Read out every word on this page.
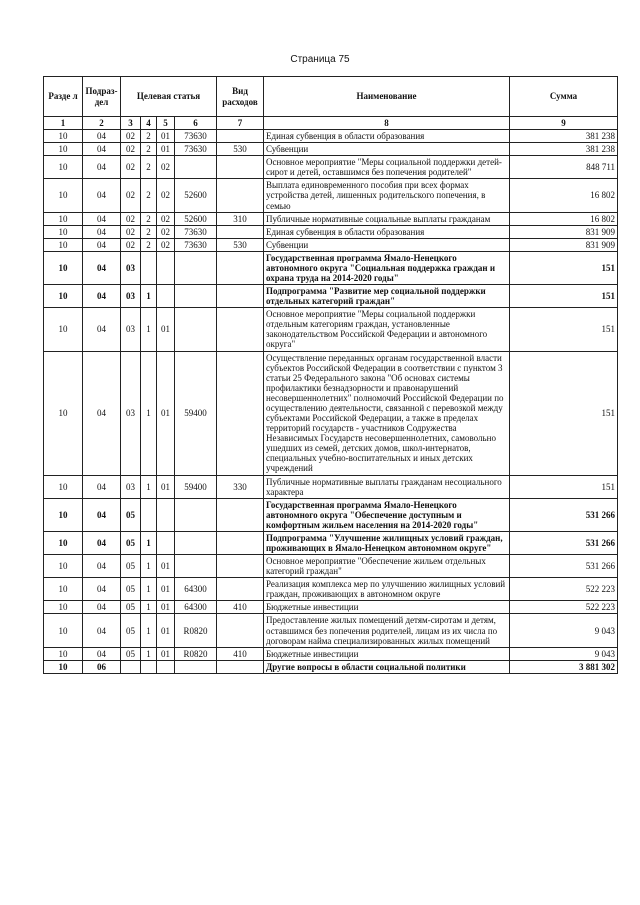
Страница 75
Разде л	Подраз-дел	Целевая статья				Вид расходов	Наименование	Сумма
1	2	3	4	5	6	7	8	9
10	04	02	2	01	73630		Единая субвенция в области образования	381 238
10	04	02	2	01	73630	530	Субвенции	381 238
10	04	02	2	02			Основное мероприятие "Меры социальной поддержки детей-сирот и детей, оставшимся без попечения родителей"	848 711
10	04	02	2	02	52600		Выплата единовременного пособия при всех формах устройства детей, лишенных родительского попечения, в семью	16 802
10	04	02	2	02	52600	310	Публичные нормативные социальные выплаты гражданам	16 802
10	04	02	2	02	73630		Единая субвенция в области образования	831 909
10	04	02	2	02	73630	530	Субвенции	831 909
10	04	03					Государственная программа Ямало-Ненецкого автономного округа "Социальная поддержка граждан и охрана труда на 2014-2020 годы"	151
10	04	03	1				Подпрограмма "Развитие мер социальной поддержки отдельных категорий граждан"	151
10	04	03	1	01			Основное мероприятие "Меры социальной поддержки отдельным категориям граждан, установленные законодательством Российской Федерации и автономного округа"	151
10	04	03	1	01	59400		Осуществление переданных органам государственной власти субъектов Российской Федерации в соответствии с пунктом 3 статьи 25 Федерального закона "Об основах системы профилактики безнадзорности и правонарушений несовершеннолетних" полномочий Российской Федерации по осуществлению деятельности, связанной с перевозкой между субъектами Российской Федерации, а также в пределах территорий государств - участников Содружества Независимых Государств несовершеннолетних, самовольно ушедших из семей, детских домов, школ-интернатов, специальных учебно-воспитательных и иных детских учреждений	151
10	04	03	1	01	59400	330	Публичные нормативные выплаты гражданам несоциального характера	151
10	04	05					Государственная программа Ямало-Ненецкого автономного округа "Обеспечение доступным и комфортным жильем населения на 2014-2020 годы"	531 266
10	04	05	1				Подпрограмма "Улучшение жилищных условий граждан, проживающих в Ямало-Ненецком автономном округе"	531 266
10	04	05	1	01			Основное мероприятие "Обеспечение жильем отдельных категорий граждан"	531 266
10	04	05	1	01	64300		Реализация комплекса мер по улучшению жилищных условий граждан, проживающих в автономном округе	522 223
10	04	05	1	01	64300	410	Бюджетные инвестиции	522 223
10	04	05	1	01	R0820		Предоставление жилых помещений детям-сиротам и детям, оставшимся без попечения родителей, лицам из их числа по договорам найма специализированных жилых помещений	9 043
10	04	05	1	01	R0820	410	Бюджетные инвестиции	9 043
10	06						Другие вопросы в области социальной политики	3 881 302
